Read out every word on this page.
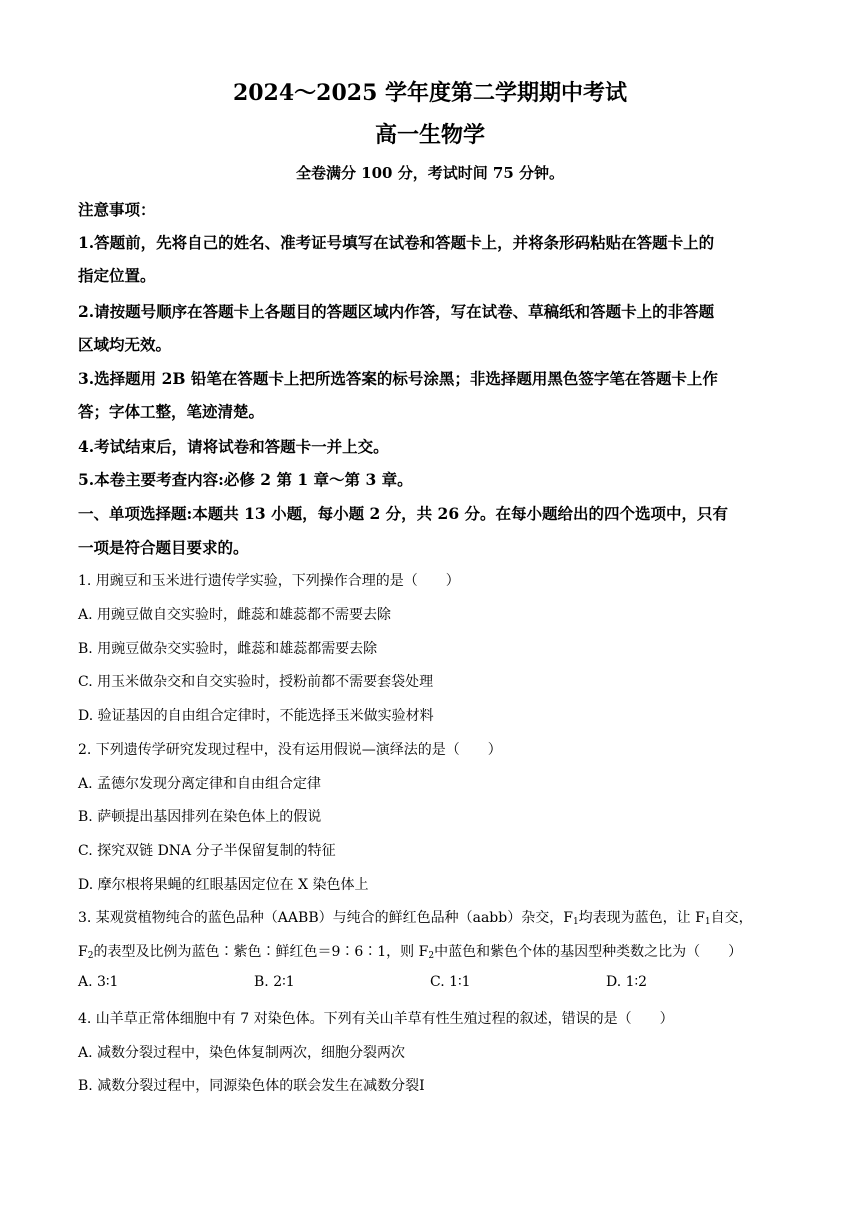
2024～2025 学年度第二学期期中考试
高一生物学
全卷满分 100 分，考试时间 75 分钟。
注意事项：
1.答题前，先将自己的姓名、准考证号填写在试卷和答题卡上，并将条形码粘贴在答题卡上的
指定位置。
2.请按题号顺序在答题卡上各题目的答题区域内作答，写在试卷、草稿纸和答题卡上的非答题
区域均无效。
3.选择题用 2B 铅笔在答题卡上把所选答案的标号涂黑；非选择题用黑色签字笔在答题卡上作
答；字体工整，笔迹清楚。
4.考试结束后，请将试卷和答题卡一并上交。
5.本卷主要考查内容:必修 2 第 1 章～第 3 章。
一、单项选择题:本题共 13 小题，每小题 2 分，共 26 分。在每小题给出的四个选项中，只有
一项是符合题目要求的。
1. 用豌豆和玉米进行遗传学实验，下列操作合理的是（　　）
A. 用豌豆做自交实验时，雌蕊和雄蕊都不需要去除
B. 用豌豆做杂交实验时，雌蕊和雄蕊都需要去除
C. 用玉米做杂交和自交实验时，授粉前都不需要套袋处理
D. 验证基因的自由组合定律时，不能选择玉米做实验材料
2. 下列遗传学研究发现过程中，没有运用假说—演绎法的是（　　）
A. 孟德尔发现分离定律和自由组合定律
B. 萨顿提出基因排列在染色体上的假说
C. 探究双链 DNA 分子半保留复制的特征
D. 摩尔根将果蝇的红眼基因定位在 X 染色体上
3. 某观赏植物纯合的蓝色品种（AABB）与纯合的鲜红色品种（aabb）杂交，$F_1$均表现为蓝色，让 $F_1$自交，
$F_2$的表型及比例为蓝色∶紫色∶鲜红色＝9∶6∶1，则 $F_2$中蓝色和紫色个体的基因型种类数之比为（　　）
A. 3∶1	B. 2∶1	C. 1∶1	D. 1∶2
4. 山羊草正常体细胞中有 7 对染色体。下列有关山羊草有性生殖过程的叙述，错误的是（　　）
A. 减数分裂过程中，染色体复制两次，细胞分裂两次
B. 减数分裂过程中，同源染色体的联会发生在减数分裂Ⅰ
